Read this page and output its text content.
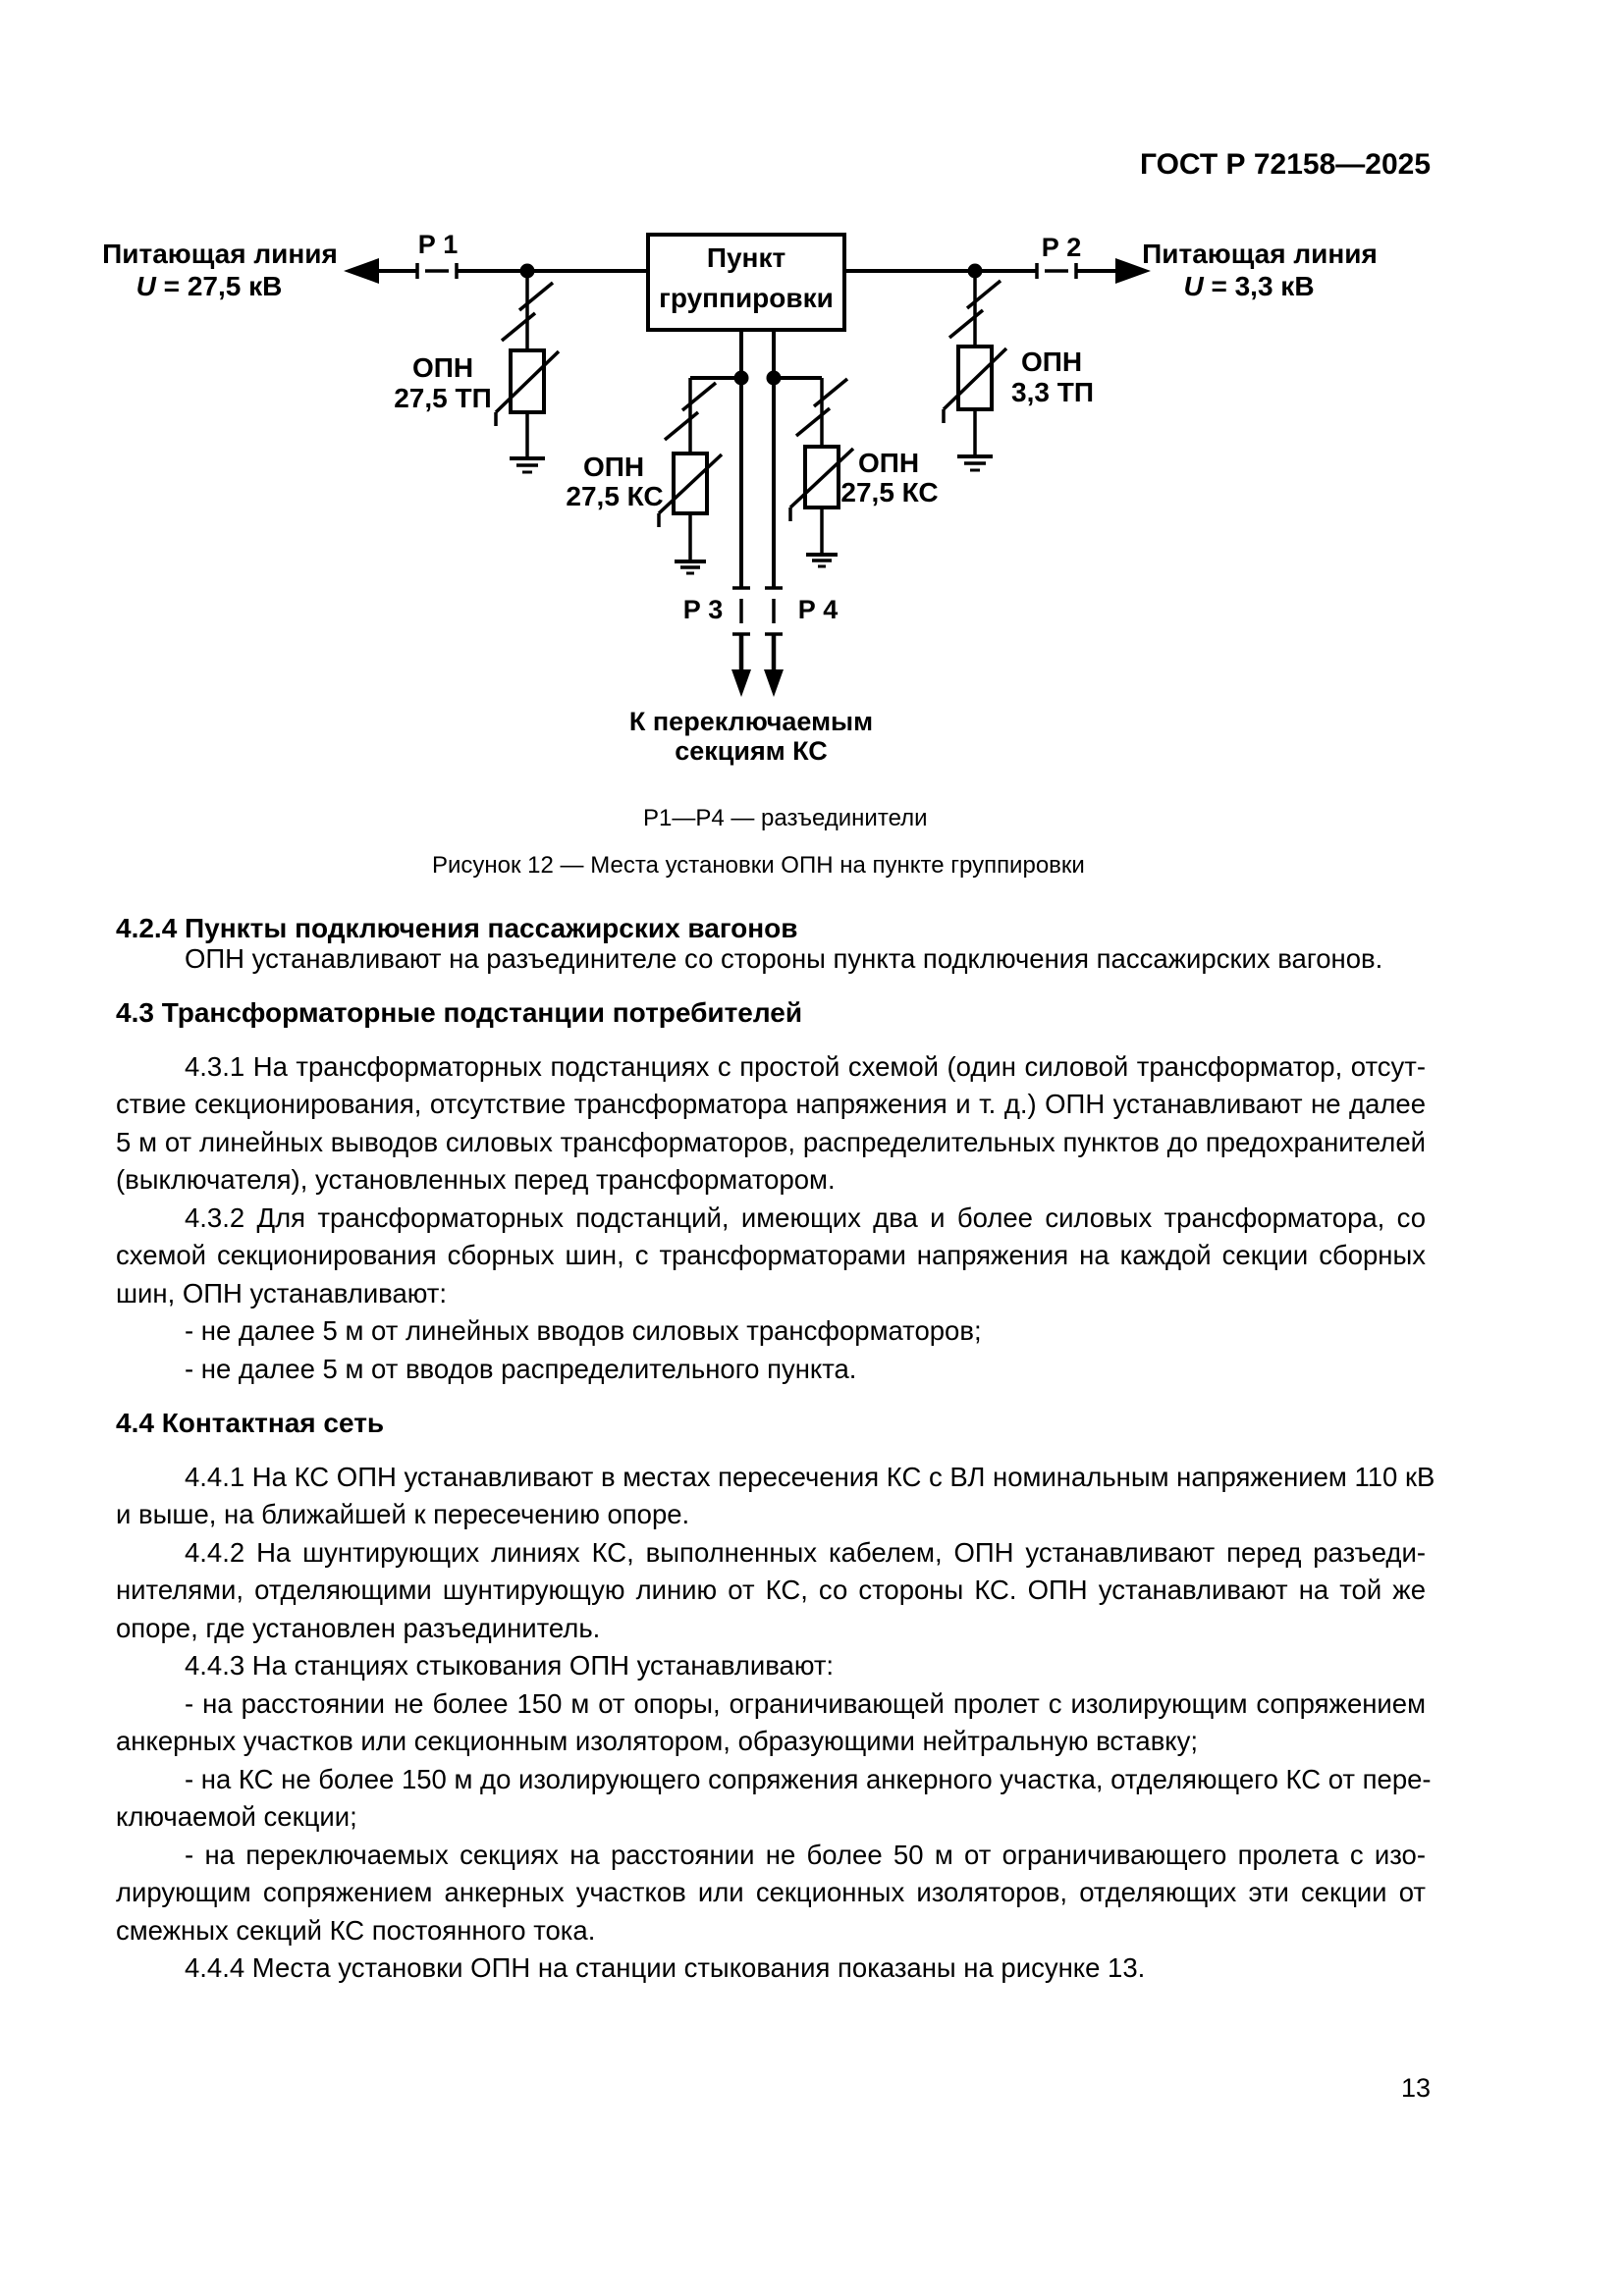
ГОСТ Р 72158—2025
Пункт
группировки
ОПН
27,5 ТП
ОПН
27,5 КС
ОПН
27,5 КС
ОПН
3,3 ТП
Питающая линия
U = 27,5 кВ
Р 1	Р 2 Питающая линия
U = 3,3 кВ
Р 3	Р 4
К переключаемым
секциям КС
Р1—Р4 — разъединители
Рисунок 12 — Места установки ОПН на пункте группировки
4.2.4 Пункты подключения пассажирских вагонов
ОПН устанавливают на разъединителе со стороны пункта подключения пассажирских вагонов.
4.3 Трансформаторные подстанции потребителей
4.3.1 На трансформаторных подстанциях с простой схемой (один силовой трансформатор, отсут-
ствие секционирования, отсутствие трансформатора напряжения и т. д.) ОПН устанавливают не далее
5 м от линейных выводов силовых трансформаторов, распределительных пунктов до предохранителей
(выключателя), установленных перед трансформатором.
4.3.2 Для трансформаторных подстанций, имеющих два и более силовых трансформатора, со
схемой секционирования сборных шин, с трансформаторами напряжения на каждой секции сборных
шин, ОПН устанавливают:
- не далее 5 м от линейных вводов силовых трансформаторов;
- не далее 5 м от вводов распределительного пункта.
4.4 Контактная сеть
4.4.1 На КС ОПН устанавливают в местах пересечения КС с ВЛ номинальным напряжением 110 кВ
и выше, на ближайшей к пересечению опоре.
4.4.2 На шунтирующих линиях КС, выполненных кабелем, ОПН устанавливают перед разъеди-
нителями, отделяющими шунтирующую линию от КС, со стороны КС. ОПН устанавливают на той же
опоре, где установлен разъединитель.
4.4.3 На станциях стыкования ОПН устанавливают:
- на расстоянии не более 150 м от опоры, ограничивающей пролет с изолирующим сопряжением
анкерных участков или секционным изолятором, образующими нейтральную вставку;
- на КС не более 150 м до изолирующего сопряжения анкерного участка, отделяющего КС от пере-
ключаемой секции;
- на переключаемых секциях на расстоянии не более 50 м от ограничивающего пролета с изо-
лирующим сопряжением анкерных участков или секционных изоляторов, отделяющих эти секции от
смежных секций КС постоянного тока.
4.4.4 Места установки ОПН на станции стыкования показаны на рисунке 13.
13
